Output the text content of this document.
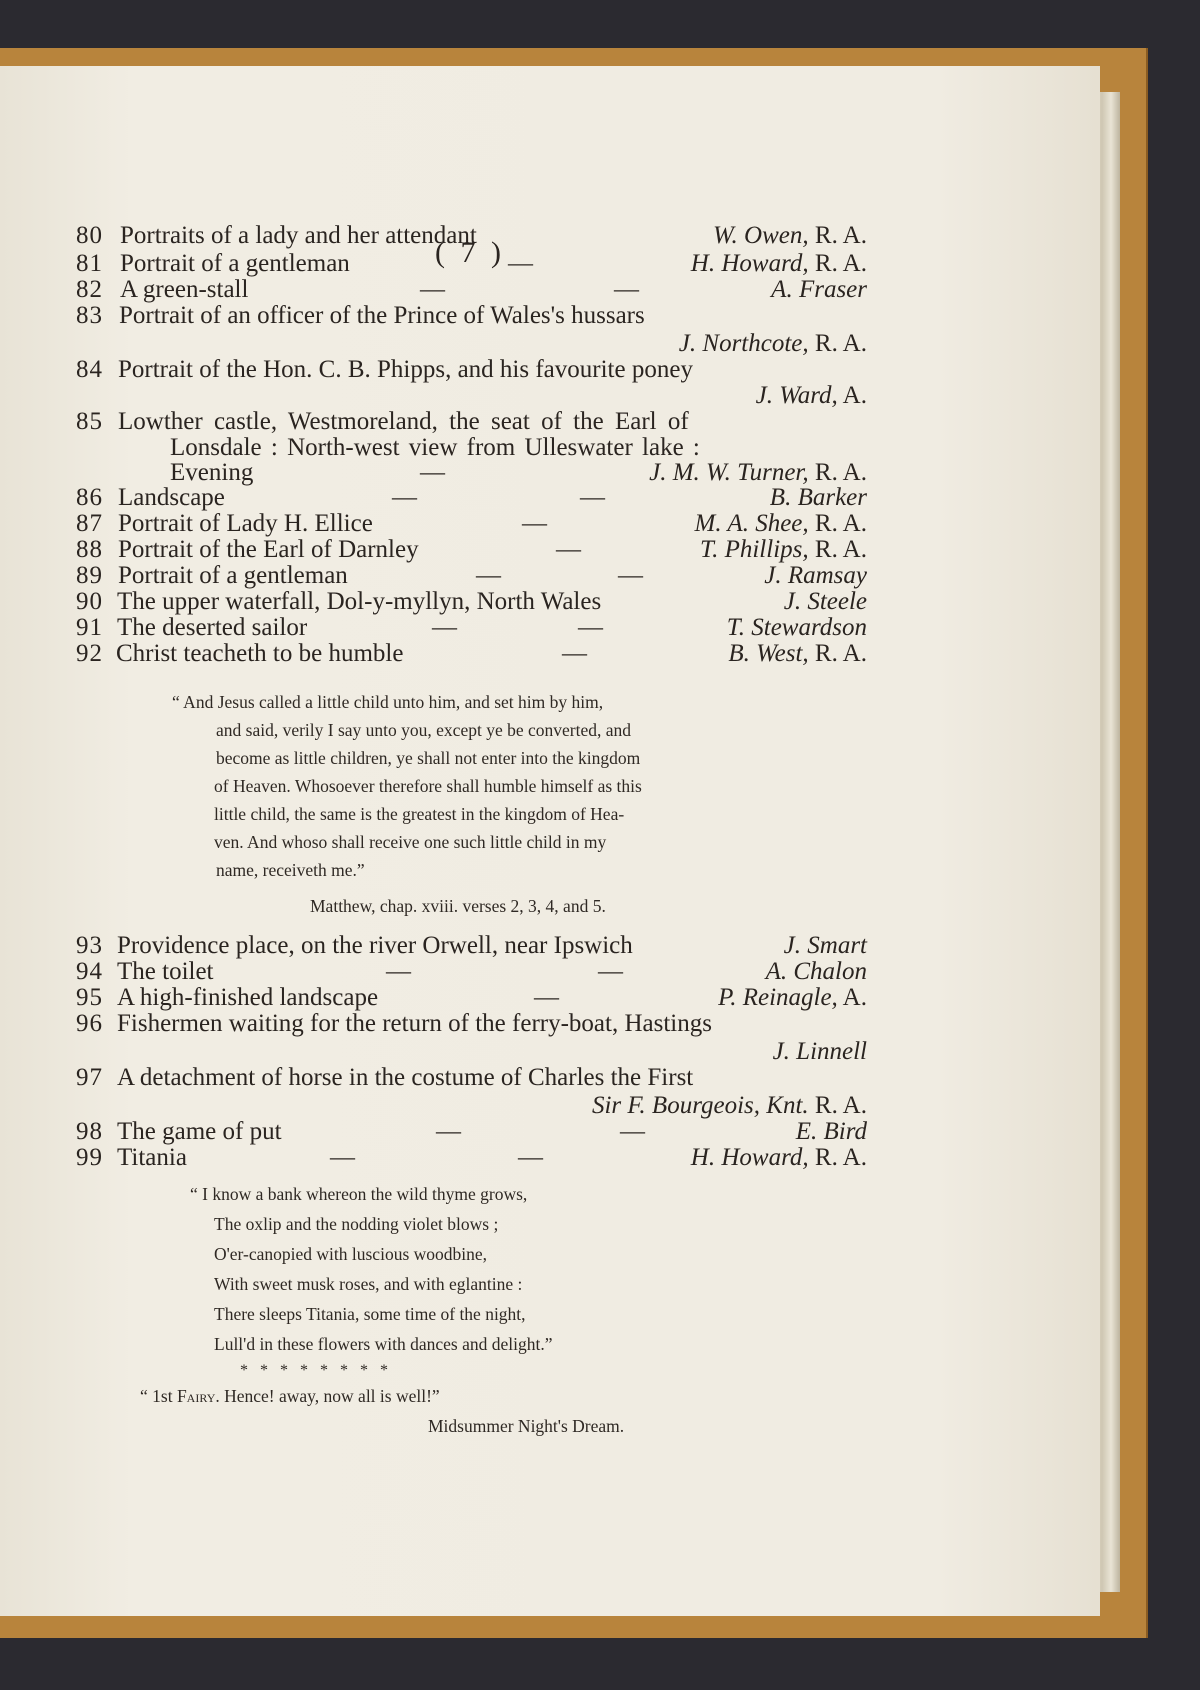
( 7 )
80 Portraits of a lady and her attendant	W. Owen, R. A.
81 Portrait of a gentleman	—	H. Howard, R. A.
82 A green-stall	—	—	A. Fraser
83 Portrait of an officer of the Prince of Wales's hussars
J. Northcote, R. A.
84 Portrait of the Hon. C. B. Phipps, and his favourite poney
J. Ward, A.
85 Lowther castle, Westmoreland, the seat of the Earl of
Lonsdale : North-west view from Ulleswater lake :
Evening	—	J. M. W. Turner, R. A.
86 Landscape	—	—	B. Barker
87 Portrait of Lady H. Ellice	—	M. A. Shee, R. A.
88 Portrait of the Earl of Darnley	—	T. Phillips, R. A.
89 Portrait of a gentleman	—	—	J. Ramsay
90 The upper waterfall, Dol-y-myllyn, North Wales	J. Steele
91 The deserted sailor	—	—	T. Stewardson
92 Christ teacheth to be humble	—	B. West, R. A.
“ And Jesus called a little child unto him, and set him by him,
and said, verily I say unto you, except ye be converted, and
become as little children, ye shall not enter into the kingdom
of Heaven. Whosoever therefore shall humble himself as this
little child, the same is the greatest in the kingdom of Hea-
ven. And whoso shall receive one such little child in my
name, receiveth me.”
Matthew, chap. xviii. verses 2, 3, 4, and 5.
93 Providence place, on the river Orwell, near Ipswich	J. Smart
94 The toilet	—	—	A. Chalon
95 A high-finished landscape	—	P. Reinagle, A.
96 Fishermen waiting for the return of the ferry-boat, Hastings
J. Linnell
97 A detachment of horse in the costume of Charles the First
Sir F. Bourgeois, Knt. R. A.
98 The game of put	—	—	E. Bird
99 Titania	—	—	H. Howard, R. A.
“ I know a bank whereon the wild thyme grows,
The oxlip and the nodding violet blows ;
O'er-canopied with luscious woodbine,
With sweet musk roses, and with eglantine :
There sleeps Titania, some time of the night,
Lull'd in these flowers with dances and delight.”
*   *   *   *   *   *   *   *
“ 1st Fairy. Hence! away, now all is well!”
Midsummer Night's Dream.
